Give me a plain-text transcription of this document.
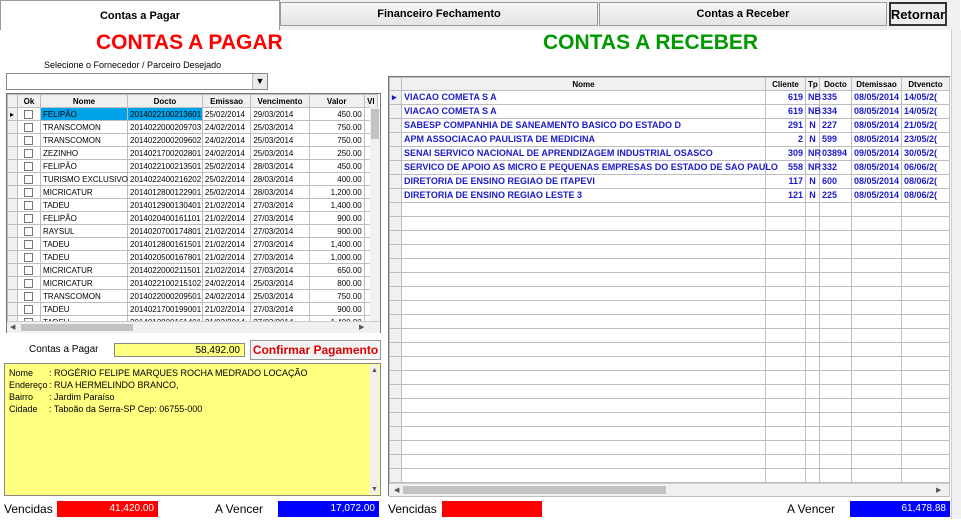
Contas a Pagar	Financeiro Fechamento	Contas a Receber	Retornar
CONTAS A PAGAR
Selecione o Fornecedor / Parceiro Desejado
▼
	Ok	Nome	Docto	Emissao	Vencimento	Valor	Vl
▸		FELIPÃO	2014022100213601	25/02/2014	29/03/2014	450.00	
		TRANSCOMON	2014022000209703	24/02/2014	25/03/2014	750.00	
		TRANSCOMON	2014022000209602	24/02/2014	25/03/2014	750.00	
		ZEZINHO	2014021700202801	24/02/2014	25/03/2014	250.00	
		FELIPÃO	2014022100213501	25/02/2014	28/03/2014	450.00	
		TURISMO EXCLUSIVO	2014022400216202	25/02/2014	28/03/2014	400.00	
		MICRICATUR	2014012800122901	25/02/2014	28/03/2014	1,200.00	
		TADEU	2014012900130401	21/02/2014	27/03/2014	1,400.00	
		FELIPÃO	2014020400161101	21/02/2014	27/03/2014	900.00	
		RAYSUL	2014020700174801	21/02/2014	27/03/2014	900.00	
		TADEU	2014012800161501	21/02/2014	27/03/2014	1,400.00	
		TADEU	2014020500167801	21/02/2014	27/03/2014	1,000.00	
		MICRICATUR	2014022000211501	21/02/2014	27/03/2014	650.00	
		MICRICATUR	2014022100215102	24/02/2014	25/03/2014	800.00	
		TRANSCOMON	2014022000209501	24/02/2014	25/03/2014	750.00	
		TADEU	2014021700199001	21/02/2014	27/03/2014	900.00	

◀	▶
Contas a Pagar	58,492.00	Confirmar Pagamento
Nome	: ROGÉRIO FELIPE MARQUES ROCHA MEDRADO LOCAÇÃO
Endereço : RUA HERMELINDO BRANCO,
Bairro	: Jardim Paraíso
Cidade	: Taboão da Serra-SP Cep: 06755-000
▲
▼
Vencidas	41,420.00	A Vencer	17,072.00
CONTAS A RECEBER
	Nome	Cliente	Tp	Docto	Dtemissao	Dtvencto
▸	VIACAO COMETA S A	619	NB	335	08/05/2014	14/05/2(
	VIACAO COMETA S A	619	NB	334	08/05/2014	14/05/2(
	SABESP COMPANHIA DE SANEAMENTO BASICO DO ESTADO D	291	N	227	08/05/2014	21/05/2(
	APM ASSOCIACAO PAULISTA DE MEDICINA	2	N	599	08/05/2014	23/05/2(
	SENAI SERVICO NACIONAL DE APRENDIZAGEM INDUSTRIAL OSASCO	309	NR	03894	09/05/2014	30/05/2(
	SERVICO DE APOIO AS MICRO E PEQUENAS EMPRESAS DO ESTADO DE SAO PAULO	558	NR	332	08/05/2014	06/06/2(
	DIRETORIA DE ENSINO REGIAO DE ITAPEVI	117	N	600	08/05/2014	08/06/2(
	DIRETORIA DE ENSINO REGIAO LESTE 3	121	N	225	08/05/2014	08/06/2(

◀	▶
Vencidas	A Vencer	61,478.88
